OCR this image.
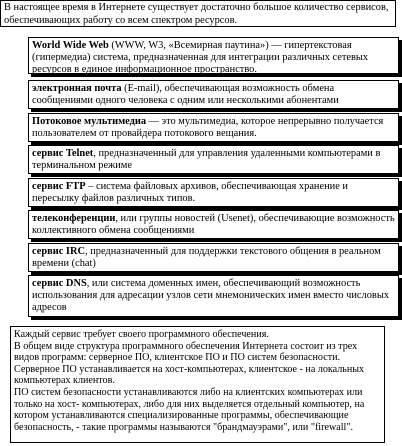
В настоящее время в Интернете существует достаточно большое количество сервисов, обеспечивающих работу со всем спектром ресурсов.
World Wide Web (WWW, W3, «Всемирная паутина») — гипертекстовая (гипермедиа) система, предназначенная для интеграции различных сетевых ресурсов в единое информационное пространство.
электронная почта (E-mail), обеспечивающая возможность обмена сообщениями одного человека с одним или несколькими абонентами
Потоковое мультимедиа — это мультимедиа, которое непрерывно получается пользователем от провайдера потокового вещания.
сервис Telnet, предназначенный для управления удаленными компьютерами в терминальном режиме
сервис FTP – система файловых архивов, обеспечивающая хранение и пересылку файлов различных типов.
телеконференции, или группы новостей (Usenet), обеспечивающие возможность коллективного обмена сообщениями
сервис IRC, предназначенный для поддержки текстового общения в реальном времени (chat)
сервис DNS, или система доменных имен, обеспечивающий возможность использования для адресации узлов сети мнемонических имен вместо числовых адресов
Каждый сервис требует своего программного обеспечения.
В общем виде структура программного обеспечения Интернета состоит из трех видов программ: серверное ПО, клиентское ПО и ПО систем безопасности.
Серверное ПО устанавливается на хост-компьютерах, клиентское - на локальных компьютерах клиентов.
ПО систем безопасности устанавливаются либо на клиентских компьютерах или только на хост- компьютерах, либо для них выделяется отдельный компьютер, на котором устанавливаются специализированные программы, обеспечивающие безопасность, - такие программы называются "брандмауэрами", или "firewall".
